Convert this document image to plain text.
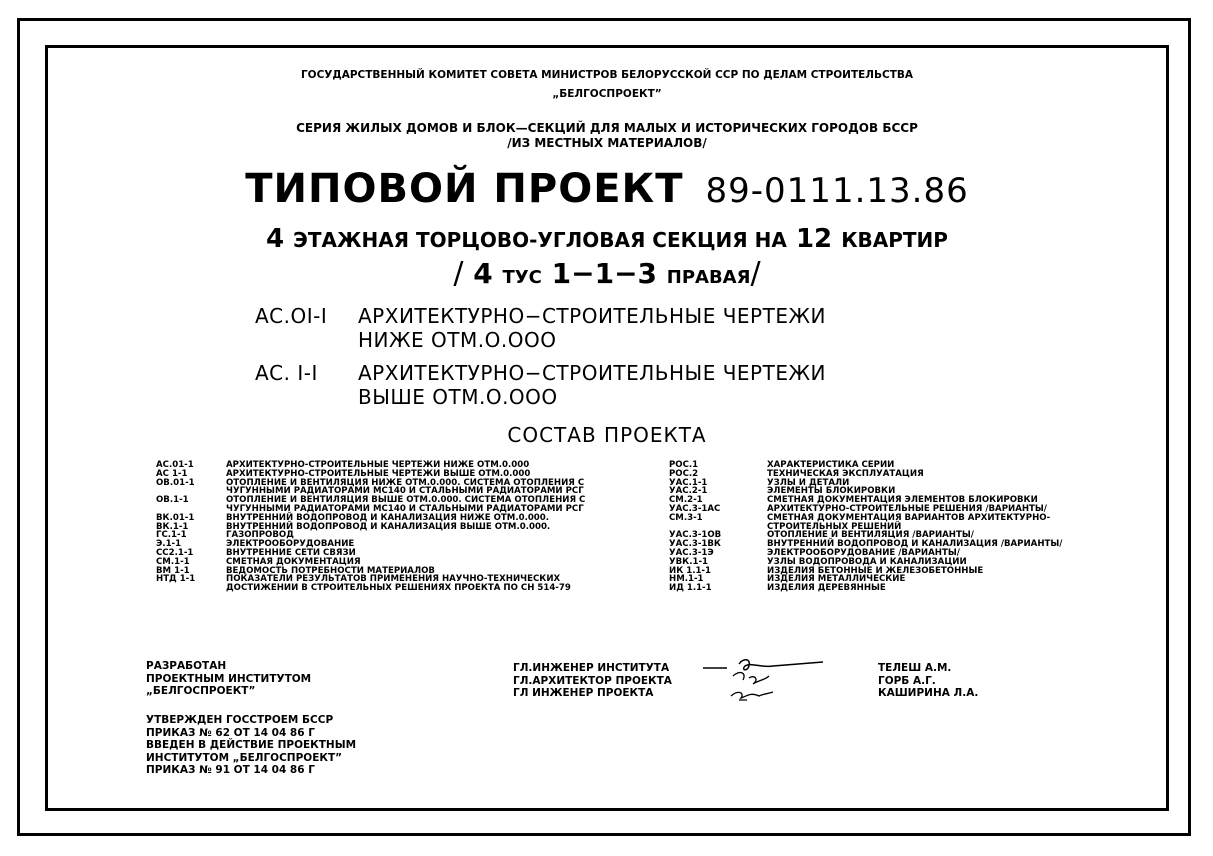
ГОСУДАРСТВЕННЫЙ КОМИТЕТ СОВЕТА МИНИСТРОВ БЕЛОРУССКОЙ ССР ПО ДЕЛАМ СТРОИТЕЛЬСТВА
„БЕЛГОСПРОЕКТ”
СЕРИЯ ЖИЛЫХ ДОМОВ И БЛОК—СЕКЦИЙ ДЛЯ МАЛЫХ И ИСТОРИЧЕСКИХ ГОРОДОВ БССР
/ИЗ МЕСТНЫХ МАТЕРИАЛОВ/
ТИПОВОЙ ПРОЕКТ 89-0111.13.86
4 ЭТАЖНАЯ ТОРЦОВО-УГЛОВАЯ СЕКЦИЯ НА 12 КВАРТИР
/ 4 ТУС 1−1−3 ПРАВАЯ/
АС.ОI-I АРХИТЕКТУРНО−СТРОИТЕЛЬНЫЕ ЧЕРТЕЖИ
НИЖЕ ОТМ.О.ООО
АС. I-I АРХИТЕКТУРНО−СТРОИТЕЛЬНЫЕ ЧЕРТЕЖИ
ВЫШЕ ОТМ.О.ООО
СОСТАВ ПРОЕКТА
АС.01-1	АРХИТЕКТУРНО-СТРОИТЕЛЬНЫЕ ЧЕРТЕЖИ НИЖЕ ОТМ.0.000
АС 1-1	АРХИТЕКТУРНО-СТРОИТЕЛЬНЫЕ ЧЕРТЕЖИ ВЫШЕ ОТМ.0.000
ОВ.01-1	ОТОПЛЕНИЕ И ВЕНТИЛЯЦИЯ НИЖЕ ОТМ.0.000. СИСТЕМА ОТОПЛЕНИЯ С
ЧУГУННЫМИ РАДИАТОРАМИ МС140 И СТАЛЬНЫМИ РАДИАТОРАМИ РСГ
ОВ.1-1	ОТОПЛЕНИЕ И ВЕНТИЛЯЦИЯ ВЫШЕ ОТМ.0.000. СИСТЕМА ОТОПЛЕНИЯ С
ЧУГУННЫМИ РАДИАТОРАМИ МС140 И СТАЛЬНЫМИ РАДИАТОРАМИ РСГ
ВК.01-1	ВНУТРЕННИЙ ВОДОПРОВОД И КАНАЛИЗАЦИЯ НИЖЕ ОТМ.0.000.
ВК.1-1	ВНУТРЕННИЙ ВОДОПРОВОД И КАНАЛИЗАЦИЯ ВЫШЕ ОТМ.0.000.
ГС.1-1	ГАЗОПРОВОД
Э.1-1	ЭЛЕКТРООБОРУДОВАНИЕ
СС2.1-1	ВНУТРЕННИЕ СЕТИ СВЯЗИ
СМ.1-1	СМЕТНАЯ ДОКУМЕНТАЦИЯ
ВМ 1-1	ВЕДОМОСТЬ ПОТРЕБНОСТИ МАТЕРИАЛОВ
НТД 1-1	ПОКАЗАТЕЛИ РЕЗУЛЬТАТОВ ПРИМЕНЕНИЯ НАУЧНО-ТЕХНИЧЕСКИХ
ДОСТИЖЕНИИ В СТРОИТЕЛЬНЫХ РЕШЕНИЯХ ПРОЕКТА ПО СН 514-79
РОС.1	ХАРАКТЕРИСТИКА СЕРИИ
РОС.2	ТЕХНИЧЕСКАЯ ЭКСПЛУАТАЦИЯ
УАС.1-1	УЗЛЫ И ДЕТАЛИ
УАС.2-1	ЭЛЕМЕНТЫ БЛОКИРОВКИ
СМ.2-1	СМЕТНАЯ ДОКУМЕНТАЦИЯ ЭЛЕМЕНТОВ БЛОКИРОВКИ
УАС.3-1АС	АРХИТЕКТУРНО-СТРОИТЕЛЬНЫЕ РЕШЕНИЯ /ВАРИАНТЫ/
СМ.3-1	СМЕТНАЯ ДОКУМЕНТАЦИЯ ВАРИАНТОВ АРХИТЕКТУРНО-
СТРОИТЕЛЬНЫХ РЕШЕНИЙ
УАС.3-1ОВ	ОТОПЛЕНИЕ И ВЕНТИЛЯЦИЯ /ВАРИАНТЫ/
УАС.3-1ВК	ВНУТРЕННИЙ ВОДОПРОВОД И КАНАЛИЗАЦИЯ /ВАРИАНТЫ/
УАС.3-1Э	ЭЛЕКТРООБОРУДОВАНИЕ /ВАРИАНТЫ/
УВК.1-1	УЗЛЫ ВОДОПРОВОДА И КАНАЛИЗАЦИИ
ИК 1.1-1	ИЗДЕЛИЯ БЕТОННЫЕ И ЖЕЛЕЗОБЕТОННЫЕ
НМ.1-1	ИЗДЕЛИЯ МЕТАЛЛИЧЕСКИЕ
ИД 1.1-1	ИЗДЕЛИЯ ДЕРЕВЯННЫЕ
РАЗРАБОТАН
ПРОЕКТНЫМ ИНСТИТУТОМ
„БЕЛГОСПРОЕКТ”
УТВЕРЖДЕН ГОССТРОЕМ БССР
ПРИКАЗ № 62 ОТ 14 04 86 Г
ВВЕДЕН В ДЕЙСТВИЕ ПРОЕКТНЫМ
ИНСТИТУТОМ „БЕЛГОСПРОЕКТ”
ПРИКАЗ № 91 ОТ 14 04 86 Г
ГЛ.ИНЖЕНЕР ИНСТИТУТА
ГЛ.АРХИТЕКТОР ПРОЕКТА
ГЛ ИНЖЕНЕР ПРОЕКТА
ТЕЛЕШ А.М.
ГОРБ А.Г.
КАШИРИНА Л.А.
